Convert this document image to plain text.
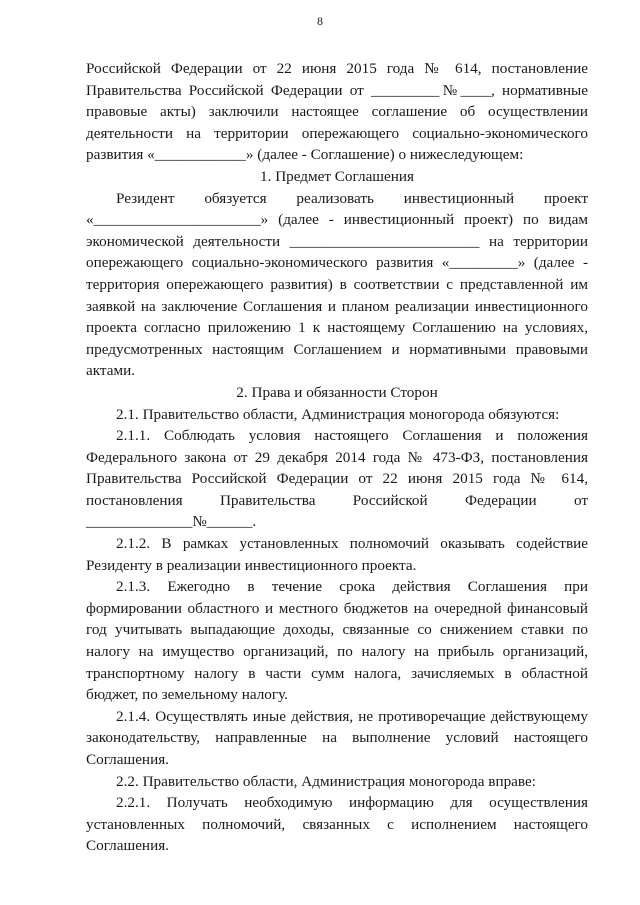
8

Российской Федерации от 22 июня 2015 года № 614, постановление Правительства Российской Федерации от _________№____, нормативные правовые акты) заключили настоящее соглашение об осуществлении деятельности на территории опережающего социально-экономического развития «____________» (далее - Соглашение) о нижеследующем:

1. Предмет Соглашения

Резидент обязуется реализовать инвестиционный проект «______________________» (далее - инвестиционный проект) по видам экономической деятельности _________________________ на территории опережающего социально-экономического развития «_________» (далее - территория опережающего развития) в соответствии с представленной им заявкой на заключение Соглашения и планом реализации инвестиционного проекта согласно приложению 1 к настоящему Соглашению на условиях, предусмотренных настоящим Соглашением и нормативными правовыми актами.

2. Права и обязанности Сторон

2.1. Правительство области, Администрация моногорода обязуются:

2.1.1. Соблюдать условия настоящего Соглашения и положения Федерального закона от 29 декабря 2014 года № 473-ФЗ, постановления Правительства Российской Федерации от 22 июня 2015 года № 614, постановления Правительства Российской Федерации от ______________№______.

2.1.2. В рамках установленных полномочий оказывать содействие Резиденту в реализации инвестиционного проекта.

2.1.3. Ежегодно в течение срока действия Соглашения при формировании областного и местного бюджетов на очередной финансовый год учитывать выпадающие доходы, связанные со снижением ставки по налогу на имущество организаций, по налогу на прибыль организаций, транспортному налогу в части сумм налога, зачисляемых в областной бюджет, по земельному налогу.

2.1.4. Осуществлять иные действия, не противоречащие действующему законодательству, направленные на выполнение условий настоящего Соглашения.

2.2. Правительство области, Администрация моногорода вправе:

2.2.1. Получать необходимую информацию для осуществления установленных полномочий, связанных с исполнением настоящего Соглашения.
